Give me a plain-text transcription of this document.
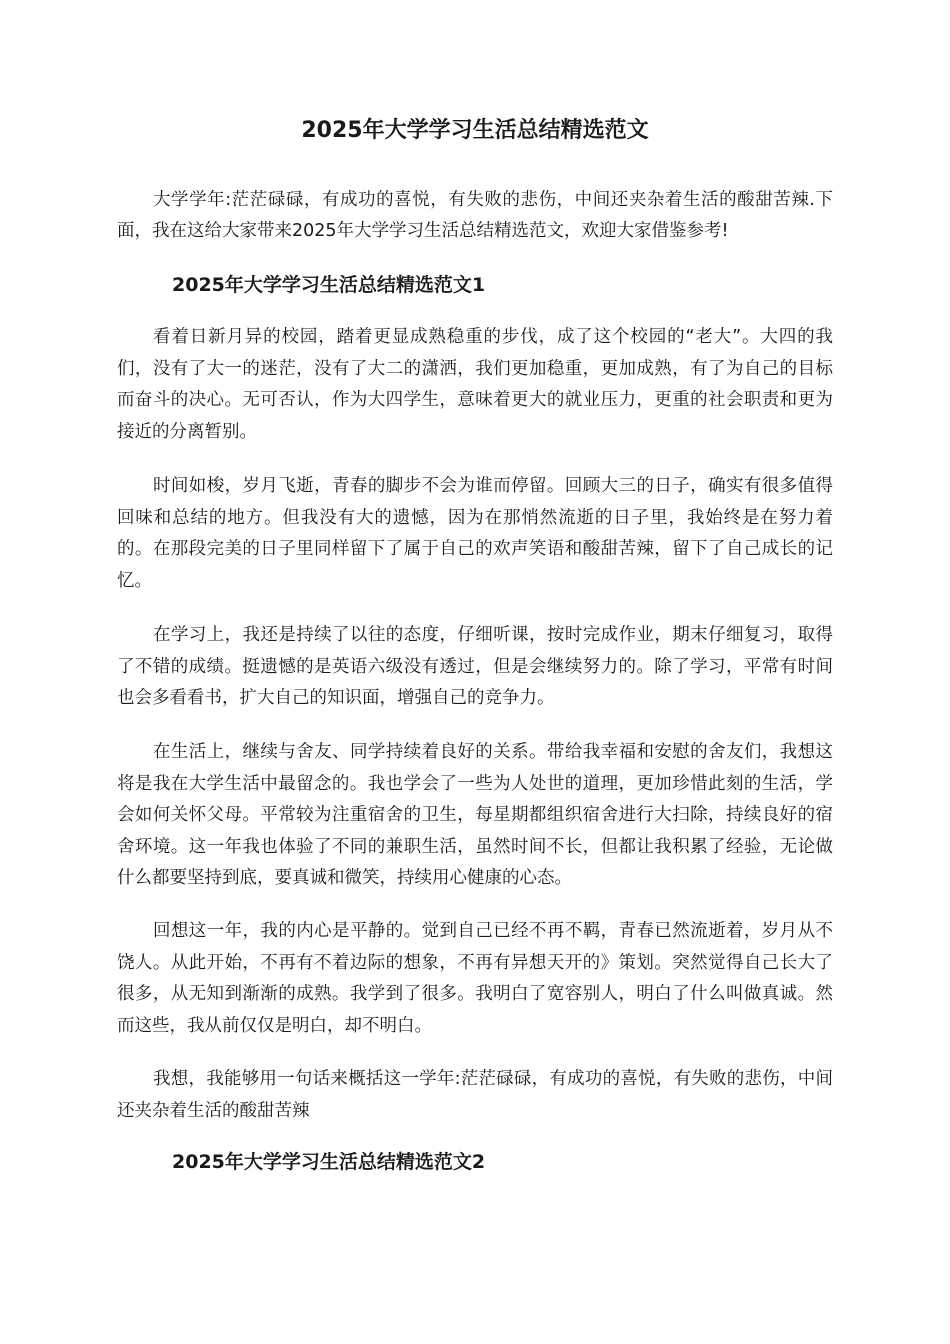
2025年大学学习生活总结精选范文

大学学年:茫茫碌碌，有成功的喜悦，有失败的悲伤，中间还夹杂着生活的酸甜苦辣.下面，我在这给大家带来2025年大学学习生活总结精选范文，欢迎大家借鉴参考!

2025年大学学习生活总结精选范文1

看着日新月异的校园，踏着更显成熟稳重的步伐，成了这个校园的“老大”。大四的我们，没有了大一的迷茫，没有了大二的潇洒，我们更加稳重，更加成熟，有了为自己的目标而奋斗的决心。无可否认，作为大四学生，意味着更大的就业压力，更重的社会职责和更为接近的分离暂别。

时间如梭，岁月飞逝，青春的脚步不会为谁而停留。回顾大三的日子，确实有很多值得回味和总结的地方。但我没有大的遗憾，因为在那悄然流逝的日子里，我始终是在努力着的。在那段完美的日子里同样留下了属于自己的欢声笑语和酸甜苦辣，留下了自己成长的记忆。

在学习上，我还是持续了以往的态度，仔细听课，按时完成作业，期末仔细复习，取得了不错的成绩。挺遗憾的是英语六级没有透过，但是会继续努力的。除了学习，平常有时间也会多看看书，扩大自己的知识面，增强自己的竞争力。

在生活上，继续与舍友、同学持续着良好的关系。带给我幸福和安慰的舍友们，我想这将是我在大学生活中最留念的。我也学会了一些为人处世的道理，更加珍惜此刻的生活，学会如何关怀父母。平常较为注重宿舍的卫生，每星期都组织宿舍进行大扫除，持续良好的宿舍环境。这一年我也体验了不同的兼职生活，虽然时间不长，但都让我积累了经验，无论做什么都要坚持到底，要真诚和微笑，持续用心健康的心态。

回想这一年，我的内心是平静的。觉到自己已经不再不羁，青春已然流逝着，岁月从不饶人。从此开始，不再有不着边际的想象，不再有异想天开的》策划。突然觉得自己长大了很多，从无知到渐渐的成熟。我学到了很多。我明白了宽容别人，明白了什么叫做真诚。然而这些，我从前仅仅是明白，却不明白。

我想，我能够用一句话来概括这一学年:茫茫碌碌，有成功的喜悦，有失败的悲伤，中间还夹杂着生活的酸甜苦辣

2025年大学学习生活总结精选范文2
